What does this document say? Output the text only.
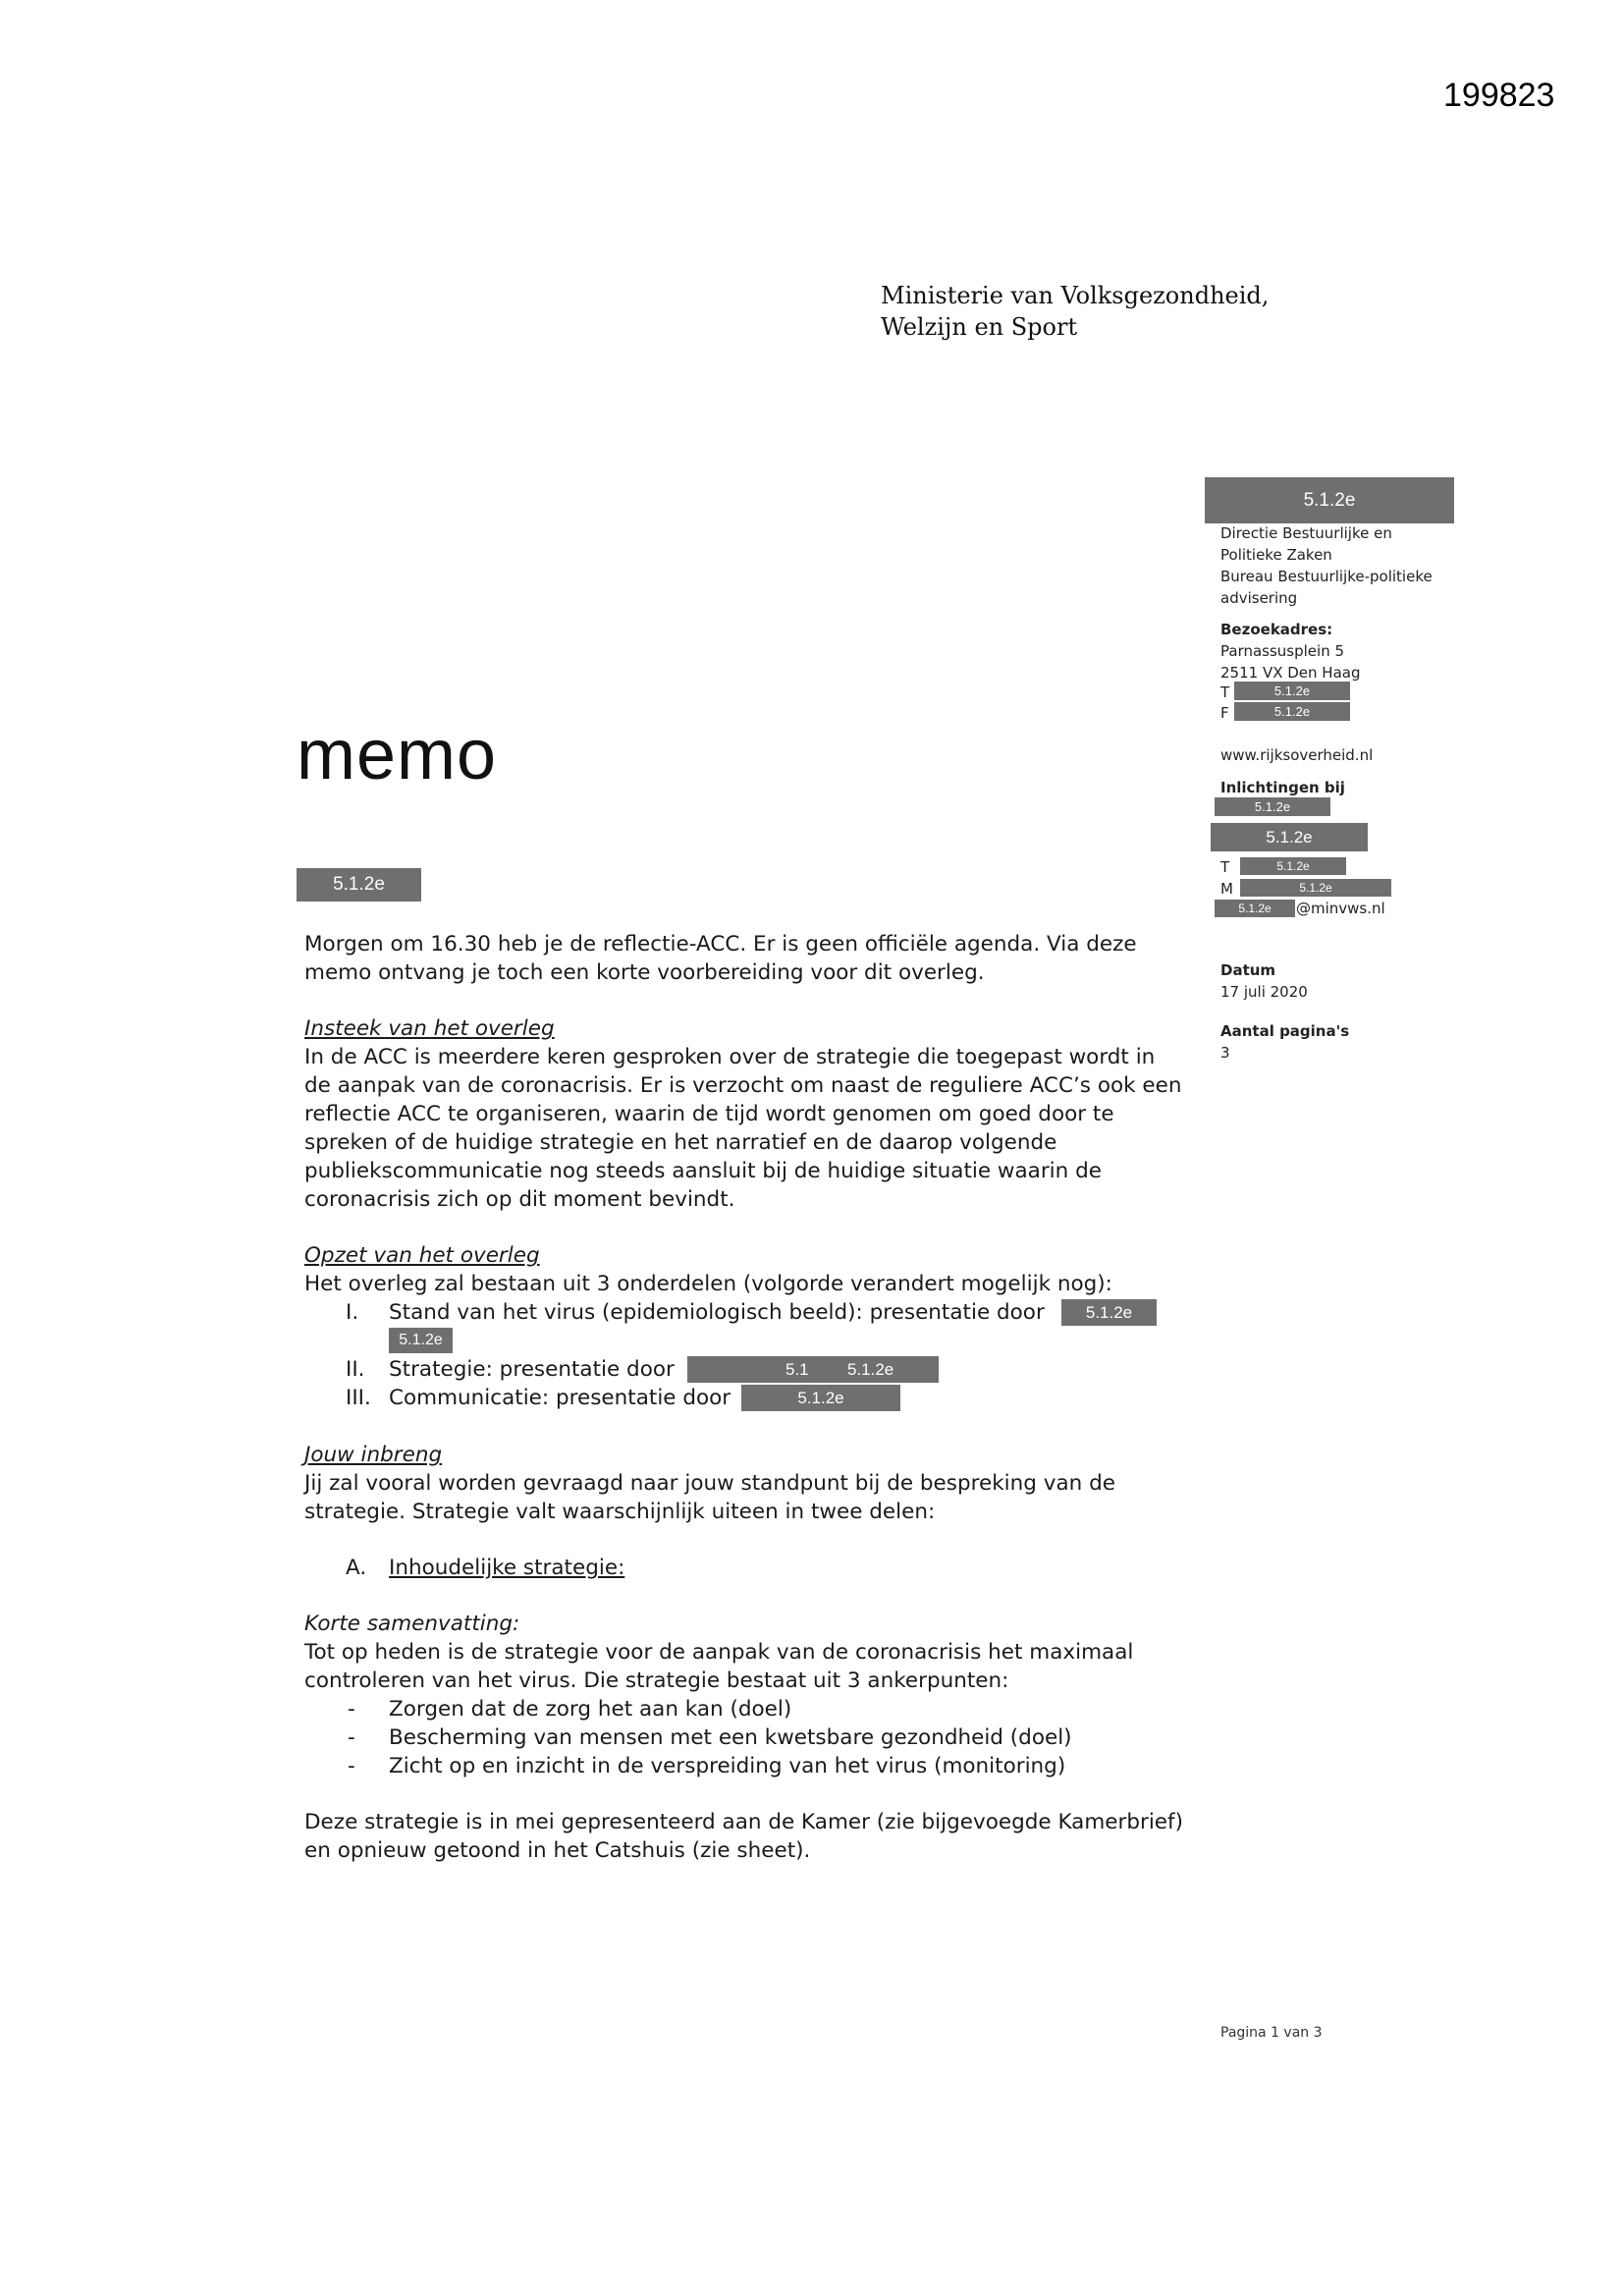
199823
Ministerie van Volksgezondheid,
Welzijn en Sport
memo
5.1.2e
Directie Bestuurlijke en
Politieke Zaken
Bureau Bestuurlijke-politieke
advisering
Bezoekadres:
Parnassusplein 5
2511 VX Den Haag
T	5.1.2e
F	5.1.2e
www.rijksoverheid.nl
Inlichtingen bij
5.1.2e
5.1.2e
T	5.1.2e
M	5.1.2e
5.1.2e	@minvws.nl
Datum
17 juli 2020
Aantal pagina's
3
5.1.2e
Morgen om 16.30 heb je de reflectie-ACC. Er is geen officiële agenda. Via deze
memo ontvang je toch een korte voorbereiding voor dit overleg.
Insteek van het overleg
In de ACC is meerdere keren gesproken over de strategie die toegepast wordt in
de aanpak van de coronacrisis. Er is verzocht om naast de reguliere ACC’s ook een
reflectie ACC te organiseren, waarin de tijd wordt genomen om goed door te
spreken of de huidige strategie en het narratief en de daarop volgende
publiekscommunicatie nog steeds aansluit bij de huidige situatie waarin de
coronacrisis zich op dit moment bevindt.
Opzet van het overleg
Het overleg zal bestaan uit 3 onderdelen (volgorde verandert mogelijk nog):
I. Stand van het virus (epidemiologisch beeld): presentatie door	5.1.2e
5.1.2e
II. Strategie: presentatie door	5.1 5.1.2e
III. Communicatie: presentatie door	5.1.2e
Jouw inbreng
Jij zal vooral worden gevraagd naar jouw standpunt bij de bespreking van de
strategie. Strategie valt waarschijnlijk uiteen in twee delen:
A. Inhoudelijke strategie:
Korte samenvatting:
Tot op heden is de strategie voor de aanpak van de coronacrisis het maximaal
controleren van het virus. Die strategie bestaat uit 3 ankerpunten:
- Zorgen dat de zorg het aan kan (doel)
- Bescherming van mensen met een kwetsbare gezondheid (doel)
- Zicht op en inzicht in de verspreiding van het virus (monitoring)
Deze strategie is in mei gepresenteerd aan de Kamer (zie bijgevoegde Kamerbrief)
en opnieuw getoond in het Catshuis (zie sheet).
Pagina 1 van 3
